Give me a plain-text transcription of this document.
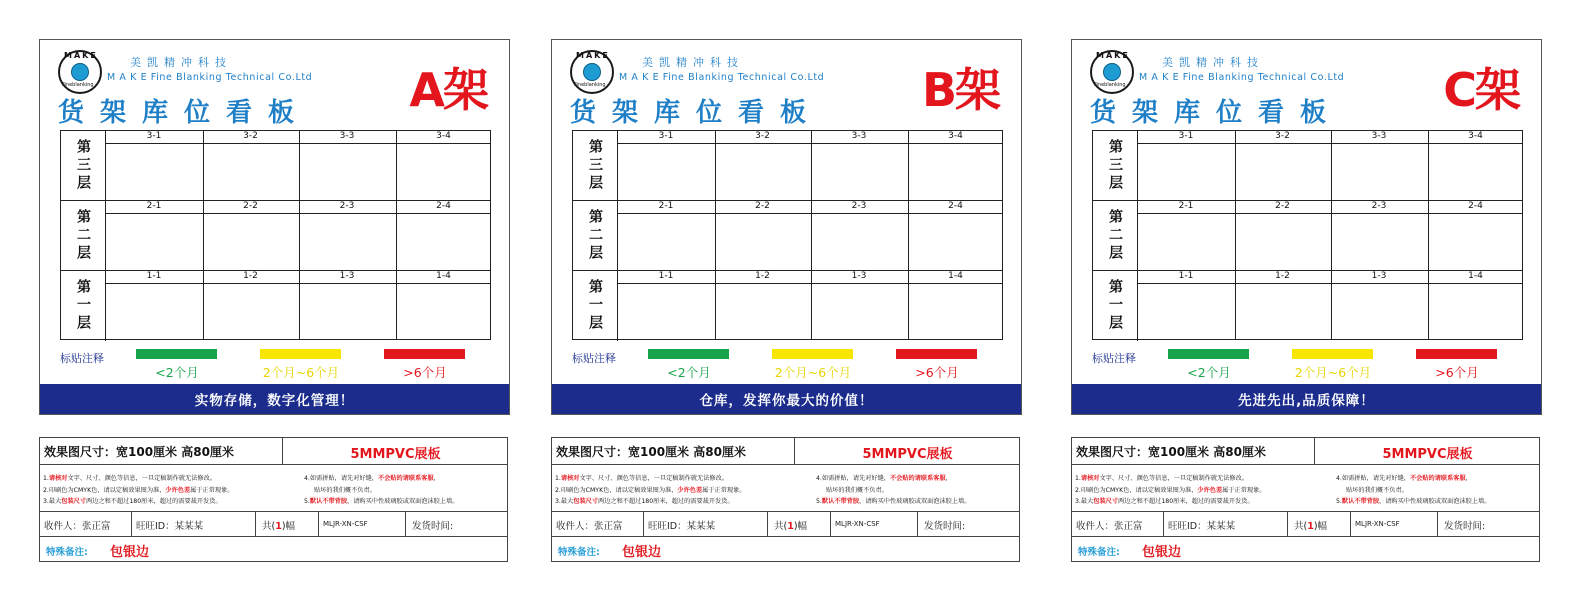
MAKE
Fineblanking
美凯精冲科技
M A K E Fine Blanking Technical Co.Ltd
货架库位看板 A架
第三层
3-1	3-2	3-3	3-4
第二层
2-1	2-2	2-3	2-4
第一层
1-1	1-2	1-3	1-4
标贴注释
<2个月	2个月~6个月	>6个月
实物存储，数字化管理！
MAKE
Fineblanking
美凯精冲科技
M A K E Fine Blanking Technical Co.Ltd
货架库位看板 B架
第三层
3-1	3-2	3-3	3-4
第二层
2-1	2-2	2-3	2-4
第一层
1-1	1-2	1-3	1-4
标贴注释
<2个月	2个月~6个月	>6个月
仓库，发挥你最大的价值！
MAKE
Fineblanking
美凯精冲科技
M A K E Fine Blanking Technical Co.Ltd
货架库位看板 C架
第三层
3-1	3-2	3-3	3-4
第二层
2-1	2-2	2-3	2-4
第一层
1-1	1-2	1-3	1-4
标贴注释
<2个月	2个月~6个月	>6个月
先进先出,品质保障！
效果图尺寸：宽100厘米 高80厘米	5MMPVC展板
1.请核对文字、尺寸、颜色等信息，一旦定稿制作就无法修改。
2.印刷色为CMYK色，请以定稿效果图为准，少许色差属于正常现象。
3.最大包装尺寸两边之和不超过180厘米，超过的需要裁开发货。
4.如需拼贴，请先对好缝，不会贴的请联系客服，
贴坏的我们概不负责。
5.默认不带背胶，请购买中性玻璃胶或双面泡沫胶上墙。
收件人：张正富	旺旺ID：某某某	共(1)幅	MLJR-XN-CSF	发货时间:
特殊备注: 包银边
效果图尺寸：宽100厘米 高80厘米	5MMPVC展板
1.请核对文字、尺寸、颜色等信息，一旦定稿制作就无法修改。
2.印刷色为CMYK色，请以定稿效果图为准，少许色差属于正常现象。
3.最大包装尺寸两边之和不超过180厘米，超过的需要裁开发货。
4.如需拼贴，请先对好缝，不会贴的请联系客服，
贴坏的我们概不负责。
5.默认不带背胶，请购买中性玻璃胶或双面泡沫胶上墙。
收件人：张正富	旺旺ID：某某某	共(1)幅	MLJR-XN-CSF	发货时间:
特殊备注: 包银边
效果图尺寸：宽100厘米 高80厘米	5MMPVC展板
1.请核对文字、尺寸、颜色等信息，一旦定稿制作就无法修改。
2.印刷色为CMYK色，请以定稿效果图为准，少许色差属于正常现象。
3.最大包装尺寸两边之和不超过180厘米，超过的需要裁开发货。
4.如需拼贴，请先对好缝，不会贴的请联系客服，
贴坏的我们概不负责。
5.默认不带背胶，请购买中性玻璃胶或双面泡沫胶上墙。
收件人：张正富	旺旺ID：某某某	共(1)幅	MLJR-XN-CSF	发货时间:
特殊备注: 包银边
